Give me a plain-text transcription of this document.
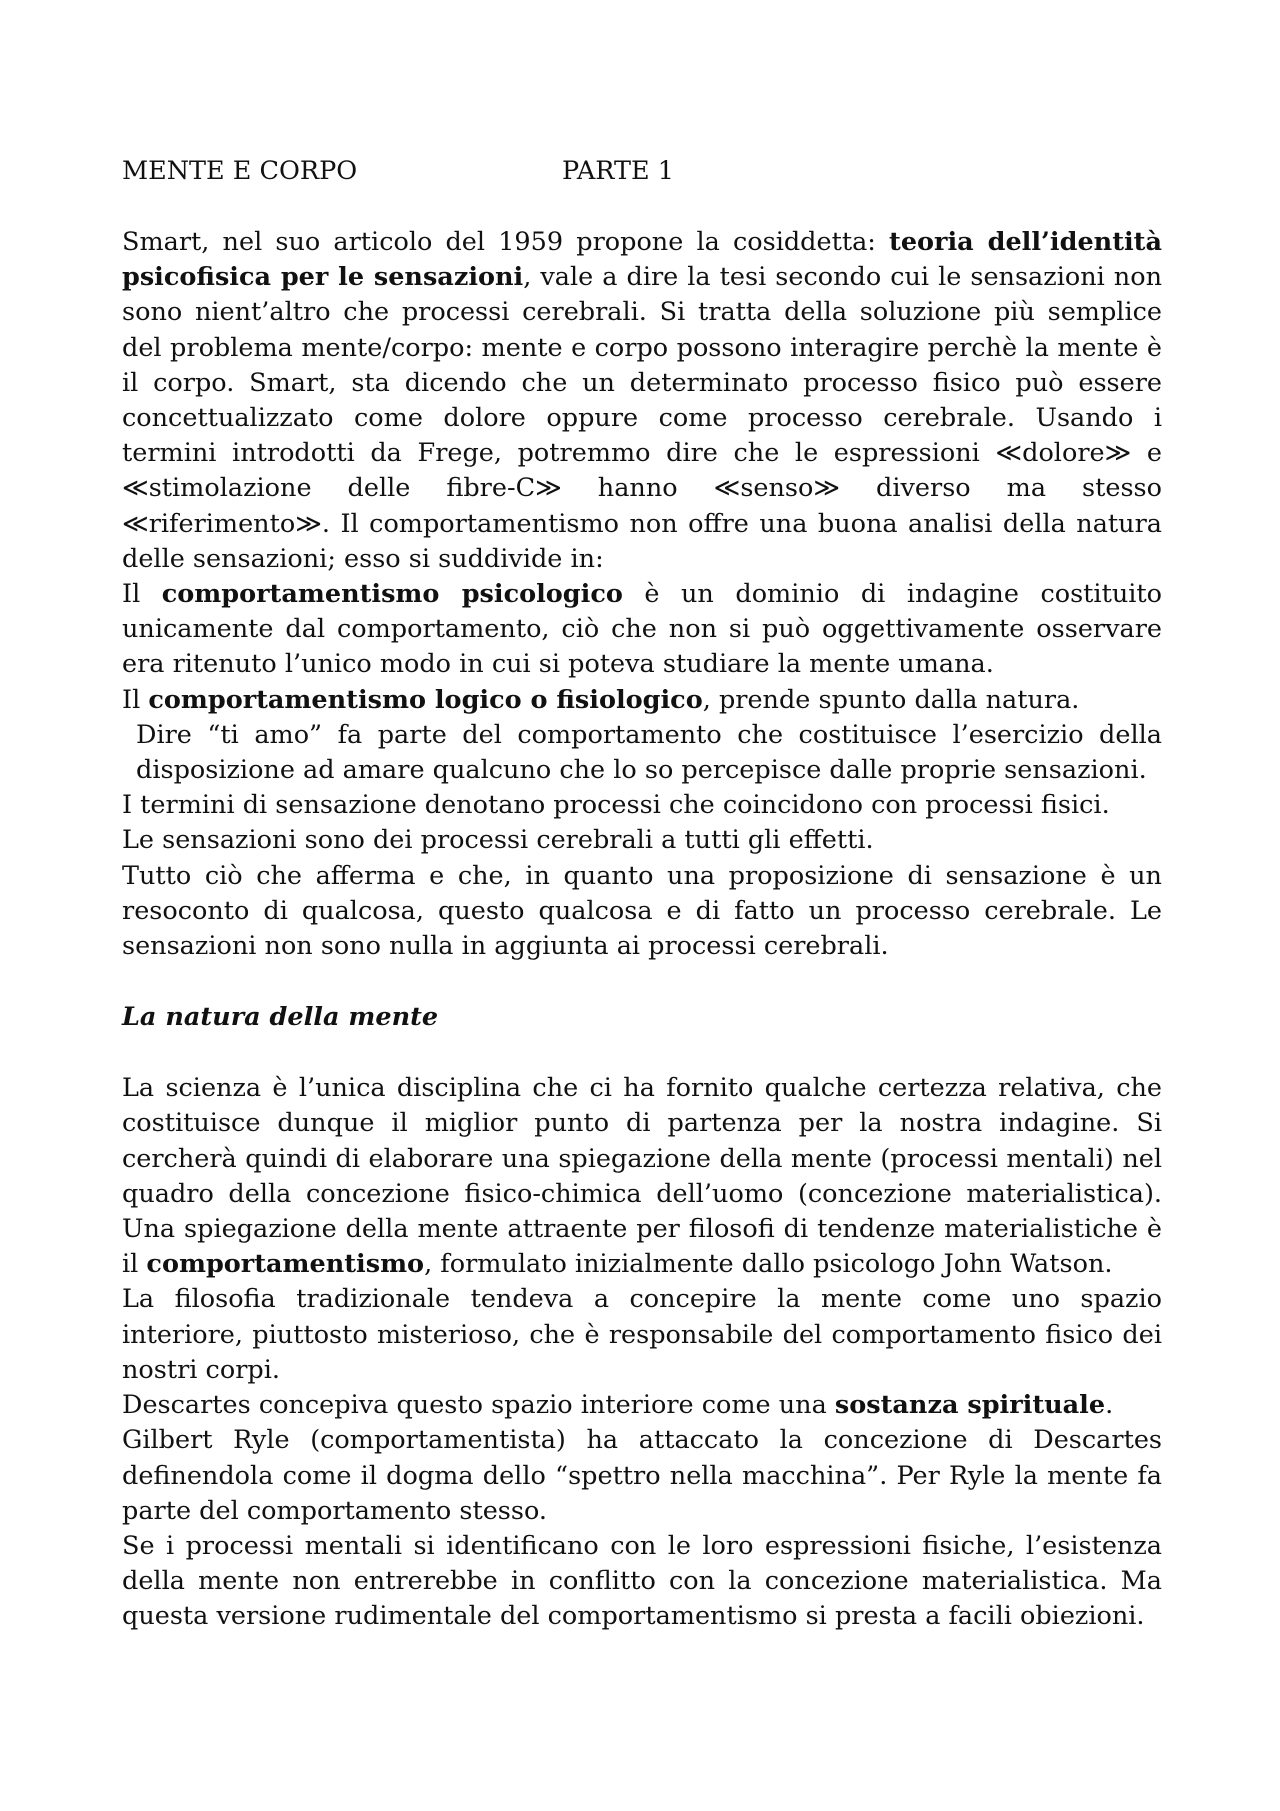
MENTE E CORPO	PARTE 1

Smart, nel suo articolo del 1959 propone la cosiddetta: teoria dell’identità psicofisica per le sensazioni, vale a dire la tesi secondo cui le sensazioni non sono nient’altro che processi cerebrali. Si tratta della soluzione più semplice del problema mente/corpo: mente e corpo possono interagire perchè la mente è il corpo. Smart, sta dicendo che un determinato processo fisico può essere concettualizzato come dolore oppure come processo cerebrale. Usando i termini introdotti da Frege, potremmo dire che le espressioni ≪dolore≫ e ≪stimolazione delle fibre-C≫ hanno ≪senso≫ diverso ma stesso ≪riferimento≫. Il comportamentismo non offre una buona analisi della natura delle sensazioni; esso si suddivide in:

Il comportamentismo psicologico è un dominio di indagine costituito unicamente dal comportamento, ciò che non si può oggettivamente osservare era ritenuto l’unico modo in cui si poteva studiare la mente umana.

Il comportamentismo logico o fisiologico, prende spunto dalla natura.

Dire “ti amo” fa parte del comportamento che costituisce l’esercizio della disposizione ad amare qualcuno che lo so percepisce dalle proprie sensazioni.

I termini di sensazione denotano processi che coincidono con processi fisici.

Le sensazioni sono dei processi cerebrali a tutti gli effetti.

Tutto ciò che afferma e che, in quanto una proposizione di sensazione è un resoconto di qualcosa, questo qualcosa e di fatto un processo cerebrale. Le sensazioni non sono nulla in aggiunta ai processi cerebrali.

La natura della mente

La scienza è l’unica disciplina che ci ha fornito qualche certezza relativa, che costituisce dunque il miglior punto di partenza per la nostra indagine. Si cercherà quindi di elaborare una spiegazione della mente (processi mentali) nel quadro della concezione fisico-chimica dell’uomo (concezione materialistica). Una spiegazione della mente attraente per filosofi di tendenze materialistiche è il comportamentismo, formulato inizialmente dallo psicologo John Watson.

La filosofia tradizionale tendeva a concepire la mente come uno spazio interiore, piuttosto misterioso, che è responsabile del comportamento fisico dei nostri corpi.

Descartes concepiva questo spazio interiore come una sostanza spirituale.

Gilbert Ryle (comportamentista) ha attaccato la concezione di Descartes definendola come il dogma dello “spettro nella macchina”. Per Ryle la mente fa parte del comportamento stesso.

Se i processi mentali si identificano con le loro espressioni fisiche, l’esistenza della mente non entrerebbe in conflitto con la concezione materialistica. Ma questa versione rudimentale del comportamentismo si presta a facili obiezioni.
